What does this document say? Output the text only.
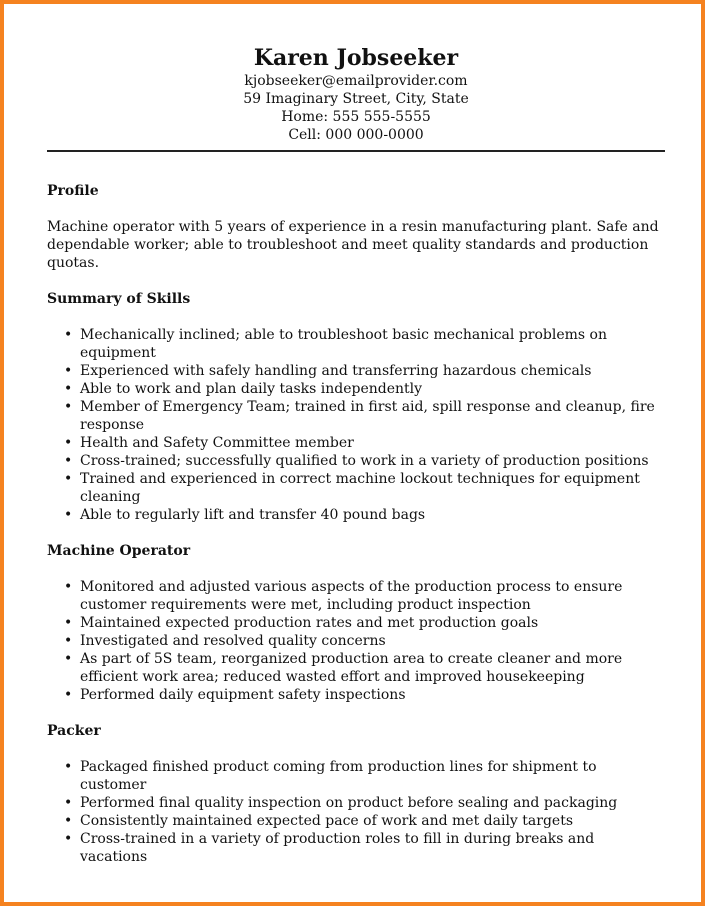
Karen Jobseeker

kjobseeker@emailprovider.com

59 Imaginary Street, City, State

Home: 555 555-5555

Cell: 000 000-0000

Profile

Machine operator with 5 years of experience in a resin manufacturing plant. Safe and dependable worker; able to troubleshoot and meet quality standards and production quotas.

Summary of Skills

• Mechanically inclined; able to troubleshoot basic mechanical problems on equipment
• Experienced with safely handling and transferring hazardous chemicals
• Able to work and plan daily tasks independently
• Member of Emergency Team; trained in first aid, spill response and cleanup, fire response
• Health and Safety Committee member
• Cross-trained; successfully qualified to work in a variety of production positions
• Trained and experienced in correct machine lockout techniques for equipment cleaning
• Able to regularly lift and transfer 40 pound bags

Machine Operator

• Monitored and adjusted various aspects of the production process to ensure customer requirements were met, including product inspection
• Maintained expected production rates and met production goals
• Investigated and resolved quality concerns
• As part of 5S team, reorganized production area to create cleaner and more efficient work area; reduced wasted effort and improved housekeeping
• Performed daily equipment safety inspections

Packer

• Packaged finished product coming from production lines for shipment to customer
• Performed final quality inspection on product before sealing and packaging
• Consistently maintained expected pace of work and met daily targets
• Cross-trained in a variety of production roles to fill in during breaks and vacations
